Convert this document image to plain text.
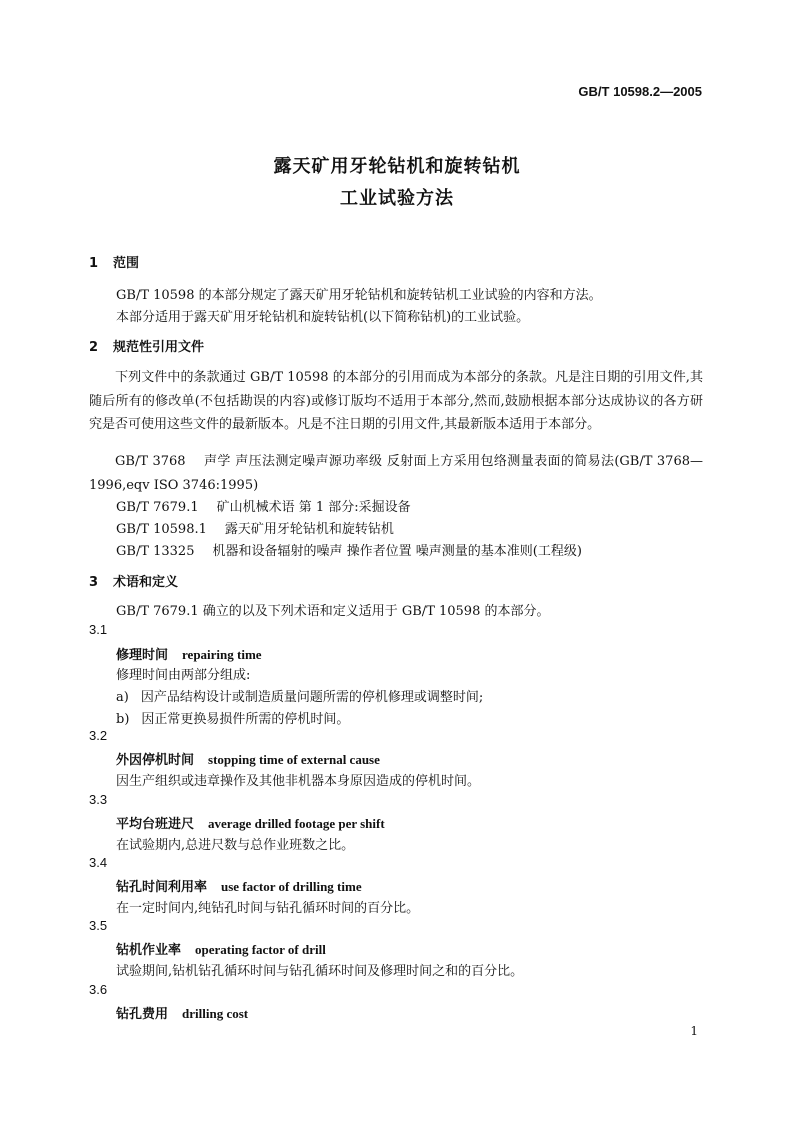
GB/T 10598.2—2005
露天矿用牙轮钻机和旋转钻机
工业试验方法
1 范围
GB/T 10598 的本部分规定了露天矿用牙轮钻机和旋转钻机工业试验的内容和方法。
本部分适用于露天矿用牙轮钻机和旋转钻机(以下简称钻机)的工业试验。
2 规范性引用文件
下列文件中的条款通过 GB/T 10598 的本部分的引用而成为本部分的条款。凡是注日期的引用文件,其随后所有的修改单(不包括勘误的内容)或修订版均不适用于本部分,然而,鼓励根据本部分达成协议的各方研究是否可使用这些文件的最新版本。凡是不注日期的引用文件,其最新版本适用于本部分。
GB/T 3768 声学 声压法测定噪声源功率级 反射面上方采用包络测量表面的简易法(GB/T 3768—1996,eqv ISO 3746:1995)
GB/T 7679.1 矿山机械术语 第 1 部分:采掘设备
GB/T 10598.1 露天矿用牙轮钻机和旋转钻机
GB/T 13325 机器和设备辐射的噪声 操作者位置 噪声测量的基本准则(工程级)
3 术语和定义
GB/T 7679.1 确立的以及下列术语和定义适用于 GB/T 10598 的本部分。
3.1
修理时间 repairing time
修理时间由两部分组成:
a) 因产品结构设计或制造质量问题所需的停机修理或调整时间;
b) 因正常更换易损件所需的停机时间。
3.2
外因停机时间 stopping time of external cause
因生产组织或违章操作及其他非机器本身原因造成的停机时间。
3.3
平均台班进尺 average drilled footage per shift
在试验期内,总进尺数与总作业班数之比。
3.4
钻孔时间利用率 use factor of drilling time
在一定时间内,纯钻孔时间与钻孔循环时间的百分比。
3.5
钻机作业率 operating factor of drill
试验期间,钻机钻孔循环时间与钻孔循环时间及修理时间之和的百分比。
3.6
钻孔费用 drilling cost
1
